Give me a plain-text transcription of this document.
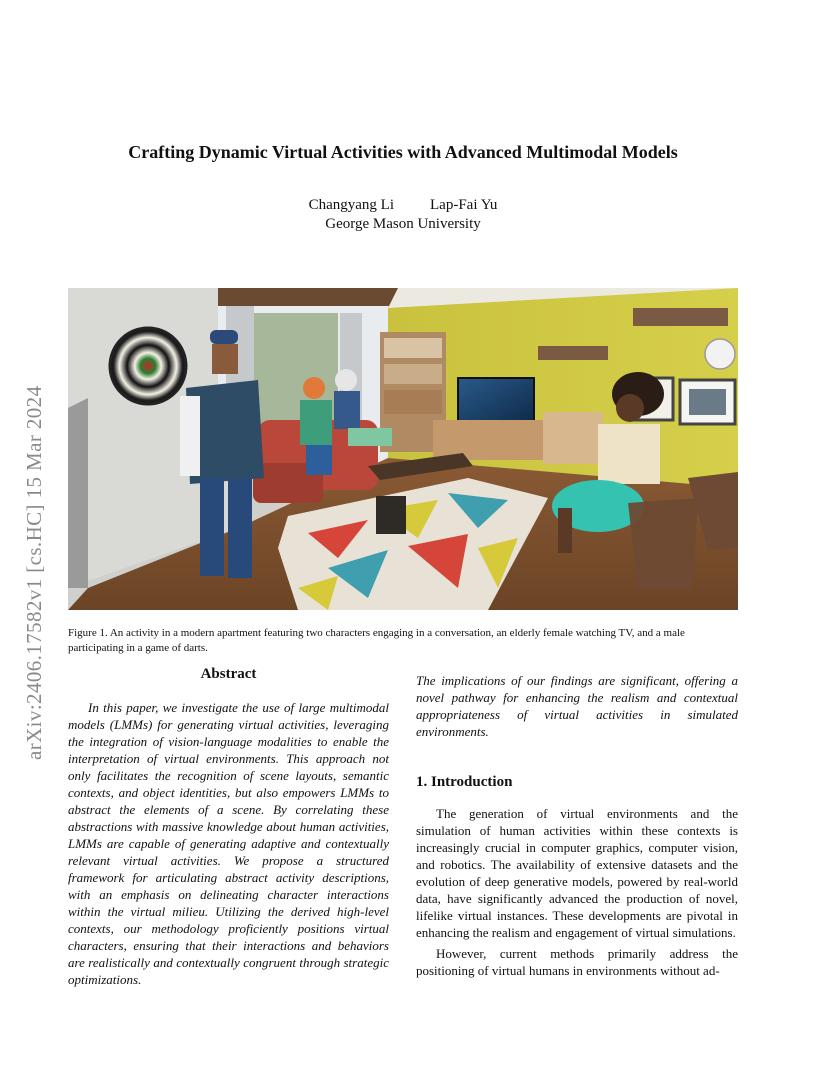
arXiv:2406.17582v1 [cs.HC] 15 Mar 2024
Crafting Dynamic Virtual Activities with Advanced Multimodal Models
Changyang Li Lap-Fai Yu
George Mason University
Figure 1. An activity in a modern apartment featuring two characters engaging in a conversation, an elderly female watching TV, and a male participating in a game of darts.
Abstract

In this paper, we investigate the use of large multimodal models (LMMs) for generating virtual activities, leveraging the integration of vision-language modalities to enable the interpretation of virtual environments. This approach not only facilitates the recognition of scene layouts, semantic contexts, and object identities, but also empowers LMMs to abstract the elements of a scene. By correlating these abstractions with massive knowledge about human activities, LMMs are capable of generating adaptive and contextually relevant virtual activities. We propose a structured framework for articulating abstract activity descriptions, with an emphasis on delineating character interactions within the virtual milieu. Utilizing the derived high-level contexts, our methodology proficiently positions virtual characters, ensuring that their interactions and behaviors are realistically and contextually congruent through strategic optimizations.

The implications of our findings are significant, offering a novel pathway for enhancing the realism and contextual appropriateness of virtual activities in simulated environments.

1. Introduction

The generation of virtual environments and the simulation of human activities within these contexts is increasingly crucial in computer graphics, computer vision, and robotics. The availability of extensive datasets and the evolution of deep generative models, powered by real-world data, have significantly advanced the production of novel, lifelike virtual instances. These developments are pivotal in enhancing the realism and engagement of virtual simulations.

However, current methods primarily address the positioning of virtual humans in environments without ad-
